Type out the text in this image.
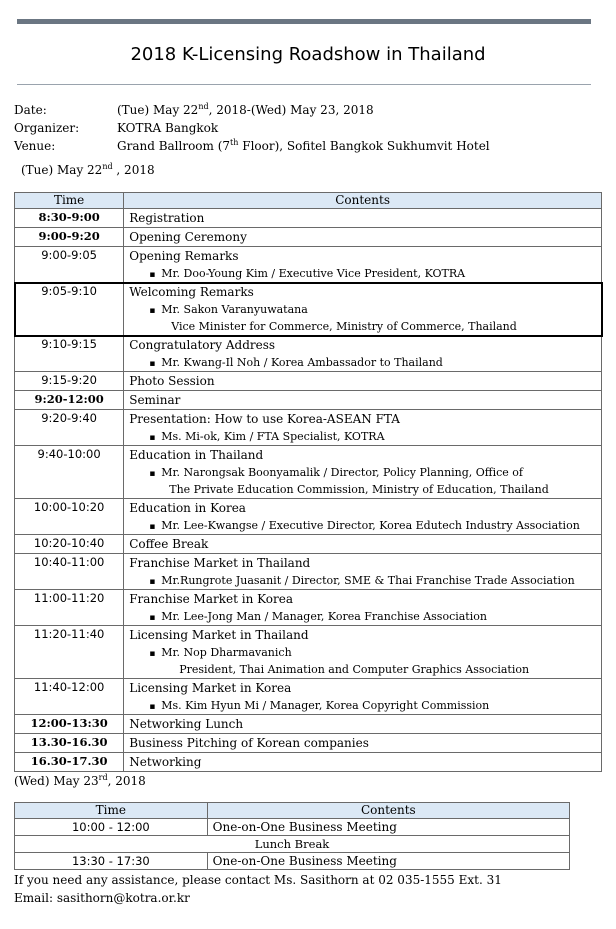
2018 K-Licensing Roadshow in Thailand
Date:	(Tue) May 22nd, 2018-(Wed) May 23, 2018
Organizer:	KOTRA Bangkok
Venue:	Grand Ballroom (7th Floor), Sofitel Bangkok Sukhumvit Hotel
(Tue) May 22nd , 2018
Time	Contents
8:30-9:00	Registration

9:00-9:20	Opening Ceremony

9:00-9:05	Opening Remarks
▪ Mr. Doo-Young Kim / Executive Vice President, KOTRA

9:05-9:10	Welcoming Remarks
▪ Mr. Sakon Varanyuwatana
Vice Minister for Commerce, Ministry of Commerce, Thailand

9:10-9:15	Congratulatory Address
▪ Mr. Kwang-Il Noh / Korea Ambassador to Thailand

9:15-9:20	Photo Session

9:20-12:00	Seminar

9:20-9:40	Presentation: How to use Korea-ASEAN FTA
▪ Ms. Mi-ok, Kim / FTA Specialist, KOTRA

9:40-10:00	Education in Thailand
▪ Mr. Narongsak Boonyamalik / Director, Policy Planning, Office of
The Private Education Commission, Ministry of Education, Thailand

10:00-10:20	Education in Korea
▪ Mr. Lee-Kwangse / Executive Director, Korea Edutech Industry Association

10:20-10:40	Coffee Break

10:40-11:00	Franchise Market in Thailand
▪ Mr.Rungrote Juasanit / Director, SME & Thai Franchise Trade Association

11:00-11:20	Franchise Market in Korea
▪ Mr. Lee-Jong Man / Manager, Korea Franchise Association

11:20-11:40	Licensing Market in Thailand
▪ Mr. Nop Dharmavanich
President, Thai Animation and Computer Graphics Association

11:40-12:00	Licensing Market in Korea
▪ Ms. Kim Hyun Mi / Manager, Korea Copyright Commission

12:00-13:30	Networking Lunch

13.30-16.30	Business Pitching of Korean companies

16.30-17.30	Networking
(Wed) May 23rd, 2018
Time	Contents
10:00 - 12:00	One-on-One Business Meeting
Lunch Break	
13:30 - 17:30	One-on-One Business Meeting
If you need any assistance, please contact Ms. Sasithorn at 02 035-1555 Ext. 31
Email: sasithorn@kotra.or.kr
